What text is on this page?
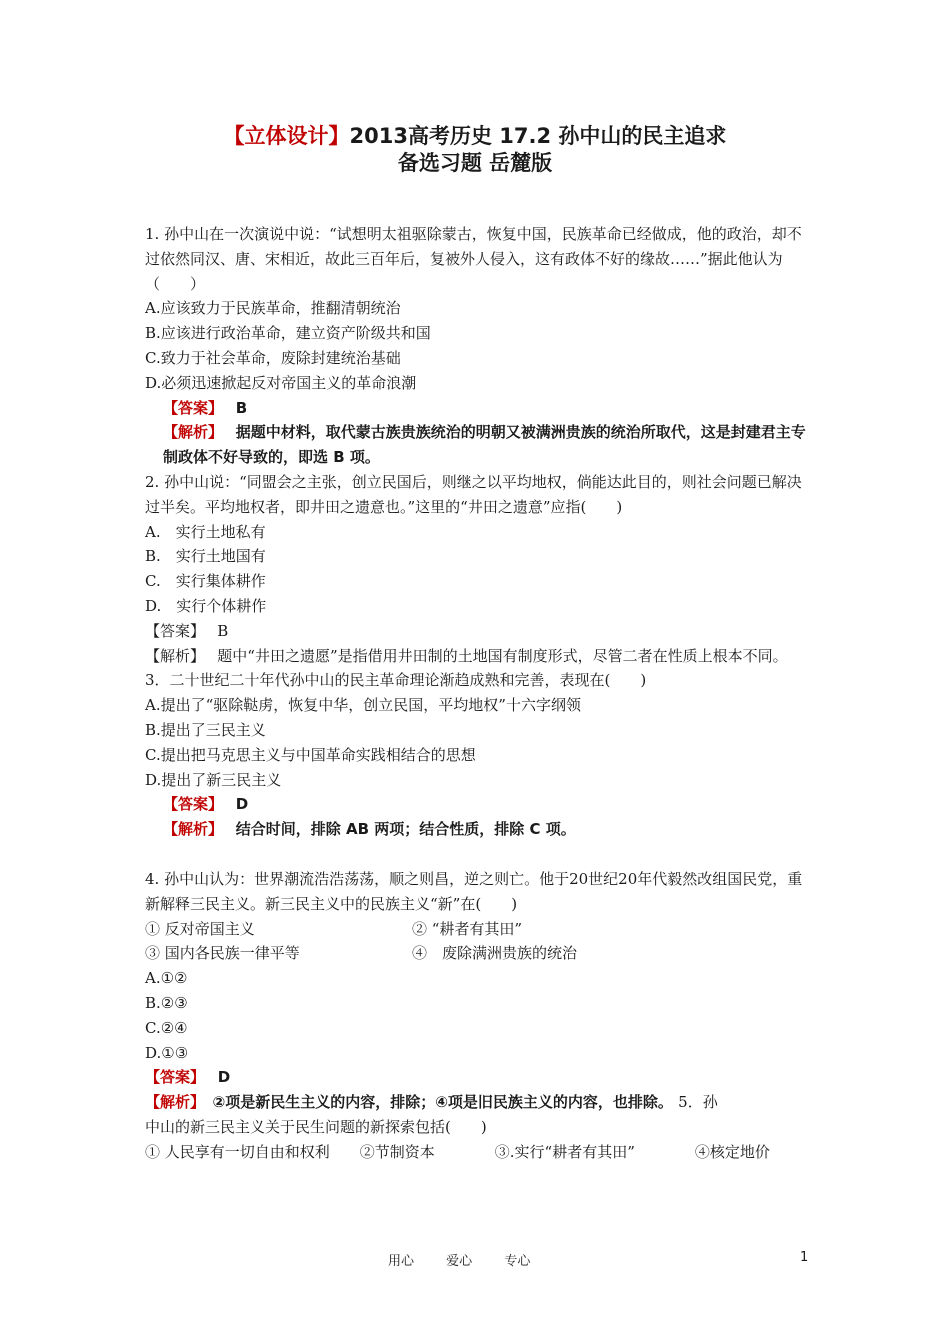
【立体设计】2013高考历史 17.2 孙中山的民主追求
备选习题 岳麓版

1. 孙中山在一次演说中说：“试想明太祖驱除蒙古，恢复中国，民族革命已经做成，他的政治，却不过依然同汉、唐、宋相近，故此三百年后，复被外人侵入，这有政体不好的缘故……”据此他认为　　（　　）

A.应该致力于民族革命，推翻清朝统治

B.应该进行政治革命，建立资产阶级共和国

C.致力于社会革命，废除封建统治基础

D.必须迅速掀起反对帝国主义的革命浪潮

【答案】　 B

【解析】　 据题中材料，取代蒙古族贵族统治的明朝又被满洲贵族的统治所取代，这是封建君主专制政体不好导致的，即选 B 项。

2. 孙中山说：“同盟会之主张，创立民国后，则继之以平均地权，倘能达此目的，则社会问题已解决过半矣。平均地权者，即井田之遗意也。”这里的“井田之遗意”应指(　　)

A.　实行土地私有

B.　实行土地国有

C.　实行集体耕作

D.　实行个体耕作

【答案】　 B

【解析】　 题中“井田之遗愿”是指借用井田制的土地国有制度形式，尽管二者在性质上根本不同。

3．二十世纪二十年代孙中山的民主革命理论渐趋成熟和完善，表现在(　　)

A.提出了“驱除鞑虏，恢复中华，创立民国，平均地权”十六字纲领

B.提出了三民主义

C.提出把马克思主义与中国革命实践相结合的思想

D.提出了新三民主义

【答案】　 D

【解析】　 结合时间，排除 AB 两项；结合性质，排除 C 项。

4. 孙中山认为：世界潮流浩浩荡荡，顺之则昌，逆之则亡。他于20世纪20年代毅然改组国民党，重新解释三民主义。新三民主义中的民族主义“新”在(　　)

① 反对帝国主义	② “耕者有其田”
③ 国内各民族一律平等	④　废除满洲贵族的统治

A.①②

B.②③

C.②④

D.①③

【答案】　 D

【解析】　 ②项是新民生主义的内容，排除；④项是旧民族主义的内容，也排除。 5．孙

中山的新三民主义关于民生问题的新探索包括(　　)

① 人民享有一切自由和权利　　②节制资本　　　　③.实行“耕者有其田”　　　　④核定地价

用心 爱心 专心	1
